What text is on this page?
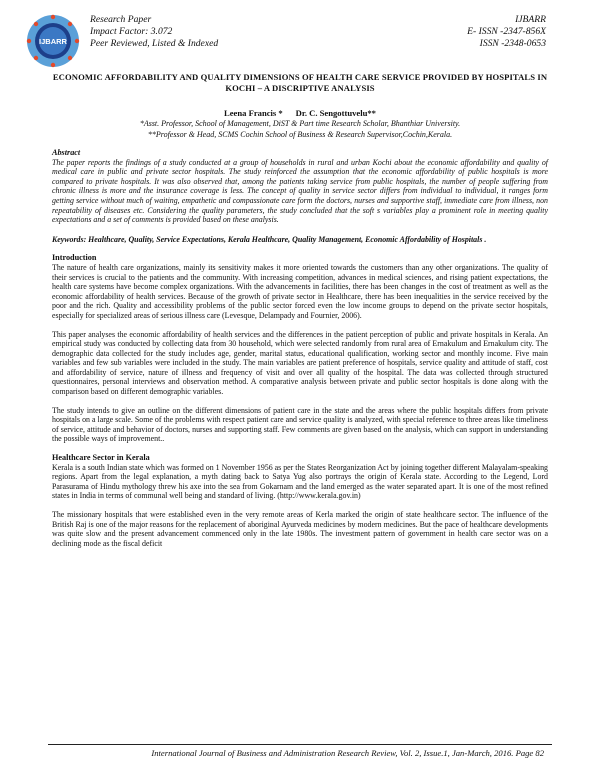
IJBARR
Research Paper
Impact Factor: 3.072
Peer Reviewed, Listed & Indexed
IJBARR
E- ISSN -2347-856X
ISSN -2348-0653
ECONOMIC AFFORDABILITY AND QUALITY DIMENSIONS OF HEALTH CARE SERVICE PROVIDED BY HOSPITALS IN KOCHI – A DISCRIPTIVE ANALYSIS
Leena Francis *      Dr. C. Sengottuvelu**
*Asst. Professor, School of Management, DiST & Part time Research Scholar, Bhanthiar University.
**Professor & Head, SCMS Cochin School of Business & Research Supervisor,Cochin,Kerala.

Abstract

The paper reports the findings of a study conducted at a group of households in rural and urban Kochi about the economic affordability and quality of medical care in public and private sector hospitals. The study reinforced the assumption that the economic affordability of public hospitals is more compared to private hospitals. It was also observed that, among the patients taking service from public hospitals, the number of people suffering from chronic illness is more and the insurance coverage is less. The concept of quality in service sector differs from individual to individual, it ranges form getting service without much of waiting, empathetic and compassionate care form the doctors, nurses and supportive staff, immediate care from illness, non repeatability of diseases etc. Considering the quality parameters, the study concluded that the soft s variables play a prominent role in meeting quality expectations and a set of comments is provided based on these analysis.

Keywords: Healthcare, Quality, Service Expectations, Kerala Healthcare, Quality Management, Economic Affordability of Hospitals .

Introduction

The nature of health care organizations, mainly its sensitivity makes it more oriented towards the customers than any other organizations. The quality of their services is crucial to the patients and the community. With increasing competition, advances in medical sciences, and rising patient expectations, the health care systems have become complex organizations. With the advancements in facilities, there has been changes in the cost of treatment as well as the economic affordability of health services. Because of the growth of private sector in Healthcare, there has been inequalities in the service received by the poor and the rich. Quality and accessibility problems of the public sector forced even the low income groups to depend on the private sector hospitals, especially for specialized areas of serious illness care (Levesque, Delampady and Fournier, 2006).

This paper analyses the economic affordability of health services and the differences in the patient perception of public and private hospitals in Kerala. An empirical study was conducted by collecting data from 30 household, which were selected randomly from rural area of Ernakulum and Ernakulum city. The demographic data collected for the study includes age, gender, marital status, educational qualification, working sector and monthly income. Five main variables and few sub variables were included in the study. The main variables are patient preference of hospitals, service quality and attitude of staff, cost and affordability of service, nature of illness and frequency of visit and over all quality of the hospital. The data was collected through structured questionnaires, personal interviews and observation method. A comparative analysis between private and public sector hospitals is done along with the comparison based on different demographic variables.

The study intends to give an outline on the different dimensions of patient care in the state and the areas where the public hospitals differs from private hospitals on a large scale. Some of the problems with respect patient care and service quality is analyzed, with special reference to three areas like timeliness of service, attitude and behavior of doctors, nurses and supporting staff. Few comments are given based on the analysis, which can support in understanding the possible ways of improvement..

Healthcare Sector in Kerala

Kerala is a south Indian state which was formed on 1 November 1956 as per the States Reorganization Act by joining together different Malayalam-speaking regions. Apart from the legal explanation, a myth dating back to Satya Yug also portrays the origin of Kerala state. According to the Legend, Lord Parasurama of Hindu mythology threw his axe into the sea from Gokarnam and the land emerged as the water separated apart. It is one of the most refined states in India in terms of communal well being and standard of living. (http://www.kerala.gov.in)

The missionary hospitals that were established even in the very remote areas of Kerla marked the origin of state healthcare sector. The influence of the British Raj is one of the major reasons for the replacement of aboriginal Ayurveda medicines by modern medicines. But the pace of healthcare developments was quite slow and the present advancement commenced only in the late 1980s. The investment pattern of government in health care sector was on a declining mode as the fiscal deficit

International Journal of Business and Administration Research Review, Vol. 2, Issue.1, Jan-March, 2016. Page 82
